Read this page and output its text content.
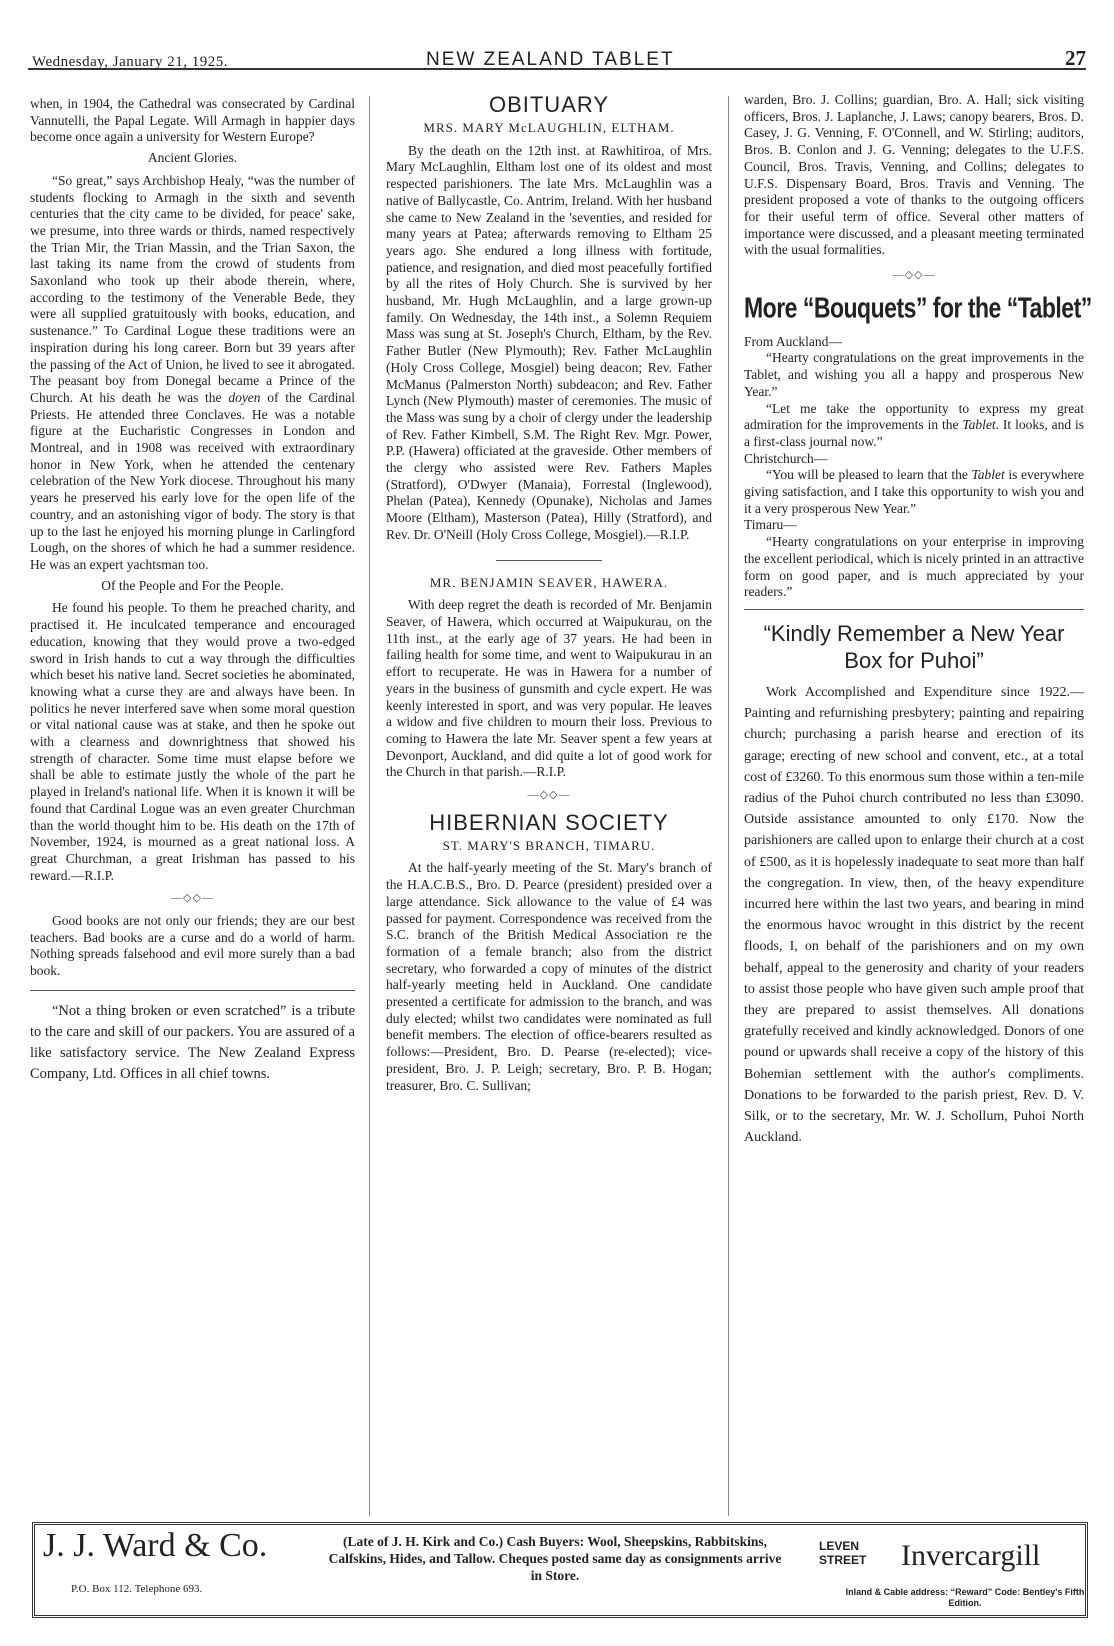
Wednesday, January 21, 1925.	NEW ZEALAND TABLET	27

when, in 1904, the Cathedral was consecrated by Cardinal Vannutelli, the Papal Legate. Will Armagh in happier days become once again a university for Western Europe?

Ancient Glories.

“So great,” says Archbishop Healy, “was the number of students flocking to Armagh in the sixth and seventh centuries that the city came to be divided, for peace' sake, we presume, into three wards or thirds, named respectively the Trian Mir, the Trian Massin, and the Trian Saxon, the last taking its name from the crowd of students from Saxonland who took up their abode therein, where, according to the testimony of the Venerable Bede, they were all supplied gratuitously with books, education, and sustenance.” To Cardinal Logue these traditions were an inspiration during his long career. Born but 39 years after the passing of the Act of Union, he lived to see it abrogated. The peasant boy from Donegal became a Prince of the Church. At his death he was the doyen of the Cardinal Priests. He attended three Conclaves. He was a notable figure at the Eucharistic Congresses in London and Montreal, and in 1908 was received with extraordinary honor in New York, when he attended the centenary celebration of the New York diocese. Throughout his many years he preserved his early love for the open life of the country, and an astonishing vigor of body. The story is that up to the last he enjoyed his morning plunge in Carlingford Lough, on the shores of which he had a summer residence. He was an expert yachtsman too.

Of the People and For the People.

He found his people. To them he preached charity, and practised it. He inculcated temperance and encouraged education, knowing that they would prove a two-edged sword in Irish hands to cut a way through the difficulties which beset his native land. Secret societies he abominated, knowing what a curse they are and always have been. In politics he never interfered save when some moral question or vital national cause was at stake, and then he spoke out with a clearness and downrightness that showed his strength of character. Some time must elapse before we shall be able to estimate justly the whole of the part he played in Ireland's national life. When it is known it will be found that Cardinal Logue was an even greater Churchman than the world thought him to be. His death on the 17th of November, 1924, is mourned as a great national loss. A great Churchman, a great Irishman has passed to his reward.—R.I.P.

—◇◇—

Good books are not only our friends; they are our best teachers. Bad books are a curse and do a world of harm. Nothing spreads falsehood and evil more surely than a bad book.

“Not a thing broken or even scratched” is a tribute to the care and skill of our packers. You are assured of a like satisfactory service. The New Zealand Express Company, Ltd. Offices in all chief towns.

OBITUARY
MRS. MARY McLAUGHLIN, ELTHAM.

By the death on the 12th inst. at Rawhitiroa, of Mrs. Mary McLaughlin, Eltham lost one of its oldest and most respected parishioners. The late Mrs. McLaughlin was a native of Ballycastle, Co. Antrim, Ireland. With her husband she came to New Zealand in the 'seventies, and resided for many years at Patea; afterwards removing to Eltham 25 years ago. She endured a long illness with fortitude, patience, and resignation, and died most peacefully fortified by all the rites of Holy Church. She is survived by her husband, Mr. Hugh McLaughlin, and a large grown-up family. On Wednesday, the 14th inst., a Solemn Requiem Mass was sung at St. Joseph's Church, Eltham, by the Rev. Father Butler (New Plymouth); Rev. Father McLaughlin (Holy Cross College, Mosgiel) being deacon; Rev. Father McManus (Palmerston North) subdeacon; and Rev. Father Lynch (New Plymouth) master of ceremonies. The music of the Mass was sung by a choir of clergy under the leadership of Rev. Father Kimbell, S.M. The Right Rev. Mgr. Power, P.P. (Hawera) officiated at the graveside. Other members of the clergy who assisted were Rev. Fathers Maples (Stratford), O'Dwyer (Manaia), Forrestal (Inglewood), Phelan (Patea), Kennedy (Opunake), Nicholas and James Moore (Eltham), Masterson (Patea), Hilly (Stratford), and Rev. Dr. O'Neill (Holy Cross College, Mosgiel).—R.I.P.

MR. BENJAMIN SEAVER, HAWERA.

With deep regret the death is recorded of Mr. Benjamin Seaver, of Hawera, which occurred at Waipukurau, on the 11th inst., at the early age of 37 years. He had been in failing health for some time, and went to Waipukurau in an effort to recuperate. He was in Hawera for a number of years in the business of gunsmith and cycle expert. He was keenly interested in sport, and was very popular. He leaves a widow and five children to mourn their loss. Previous to coming to Hawera the late Mr. Seaver spent a few years at Devonport, Auckland, and did quite a lot of good work for the Church in that parish.—R.I.P.

—◇◇—
HIBERNIAN SOCIETY
ST. MARY'S BRANCH, TIMARU.

At the half-yearly meeting of the St. Mary's branch of the H.A.C.B.S., Bro. D. Pearce (president) presided over a large attendance. Sick allowance to the value of £4 was passed for payment. Correspondence was received from the S.C. branch of the British Medical Association re the formation of a female branch; also from the district secretary, who forwarded a copy of minutes of the district half-yearly meeting held in Auckland. One candidate presented a certificate for admission to the branch, and was duly elected; whilst two candidates were nominated as full benefit members. The election of office-bearers resulted as follows:—President, Bro. D. Pearse (re-elected); vice-president, Bro. J. P. Leigh; secretary, Bro. P. B. Hogan; treasurer, Bro. C. Sullivan;

warden, Bro. J. Collins; guardian, Bro. A. Hall; sick visiting officers, Bros. J. Laplanche, J. Laws; canopy bearers, Bros. D. Casey, J. G. Venning, F. O'Connell, and W. Stirling; auditors, Bros. B. Conlon and J. G. Venning; delegates to the U.F.S. Council, Bros. Travis, Venning, and Collins; delegates to U.F.S. Dispensary Board, Bros. Travis and Venning. The president proposed a vote of thanks to the outgoing officers for their useful term of office. Several other matters of importance were discussed, and a pleasant meeting terminated with the usual formalities.

—◇◇—
More “Bouquets” for the “Tablet”

From Auckland—

“Hearty congratulations on the great improvements in the Tablet, and wishing you all a happy and prosperous New Year.”

“Let me take the opportunity to express my great admiration for the improvements in the Tablet. It looks, and is a first-class journal now.”

Christchurch—

“You will be pleased to learn that the Tablet is everywhere giving satisfaction, and I take this opportunity to wish you and it a very prosperous New Year.”

Timaru—

“Hearty congratulations on your enterprise in improving the excellent periodical, which is nicely printed in an attractive form on good paper, and is much appreciated by your readers.”

“Kindly Remember a New Year Box for Puhoi”

Work Accomplished and Expenditure since 1922.—Painting and refurnishing presbytery; painting and repairing church; purchasing a parish hearse and erection of its garage; erecting of new school and convent, etc., at a total cost of £3260. To this enormous sum those within a ten-mile radius of the Puhoi church contributed no less than £3090. Outside assistance amounted to only £170. Now the parishioners are called upon to enlarge their church at a cost of £500, as it is hopelessly inadequate to seat more than half the congregation. In view, then, of the heavy expenditure incurred here within the last two years, and bearing in mind the enormous havoc wrought in this district by the recent floods, I, on behalf of the parishioners and on my own behalf, appeal to the generosity and charity of your readers to assist those people who have given such ample proof that they are prepared to assist themselves. All donations gratefully received and kindly acknowledged. Donors of one pound or upwards shall receive a copy of the history of this Bohemian settlement with the author's compliments. Donations to be forwarded to the parish priest, Rev. D. V. Silk, or to the secretary, Mr. W. J. Schollum, Puhoi North Auckland.

J. J. Ward & Co.
P.O. Box 112. Telephone 693.
(Late of J. H. Kirk and Co.) Cash Buyers: Wool, Sheepskins, Rabbitskins, Calfskins, Hides, and Tallow. Cheques posted same day as consignments arrive in Store.
LEVEN STREET	Invercargill
Inland & Cable address: “Reward” Code: Bentley's Fifth Edition.
